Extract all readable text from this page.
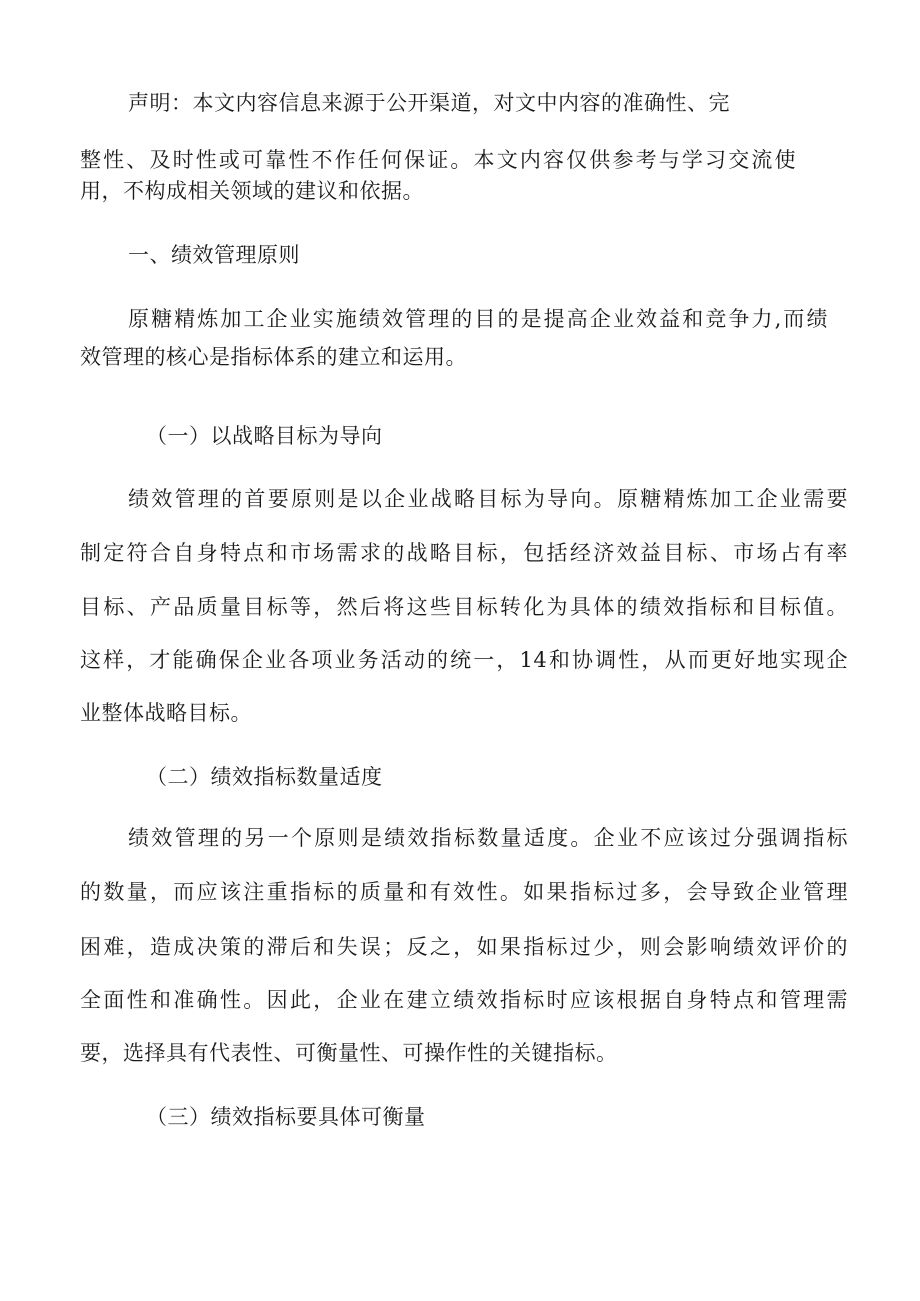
声明：本文内容信息来源于公开渠道，对文中内容的准确性、完
整性、及时性或可靠性不作任何保证。本文内容仅供参考与学习交流使
用，不构成相关领域的建议和依据。
一、绩效管理原则
原糖精炼加工企业实施绩效管理的目的是提高企业效益和竞争力,而绩
效管理的核心是指标体系的建立和运用。
（一）以战略目标为导向
绩效管理的首要原则是以企业战略目标为导向。原糖精炼加工企业需要
制定符合自身特点和市场需求的战略目标，包括经济效益目标、市场占有率
目标、产品质量目标等，然后将这些目标转化为具体的绩效指标和目标值。
这样，才能确保企业各项业务活动的统一，14和协调性，从而更好地实现企
业整体战略目标。
（二）绩效指标数量适度
绩效管理的另一个原则是绩效指标数量适度。企业不应该过分强调指标
的数量，而应该注重指标的质量和有效性。如果指标过多，会导致企业管理
困难，造成决策的滞后和失误；反之，如果指标过少，则会影响绩效评价的
全面性和准确性。因此，企业在建立绩效指标时应该根据自身特点和管理需
要，选择具有代表性、可衡量性、可操作性的关键指标。
（三）绩效指标要具体可衡量
